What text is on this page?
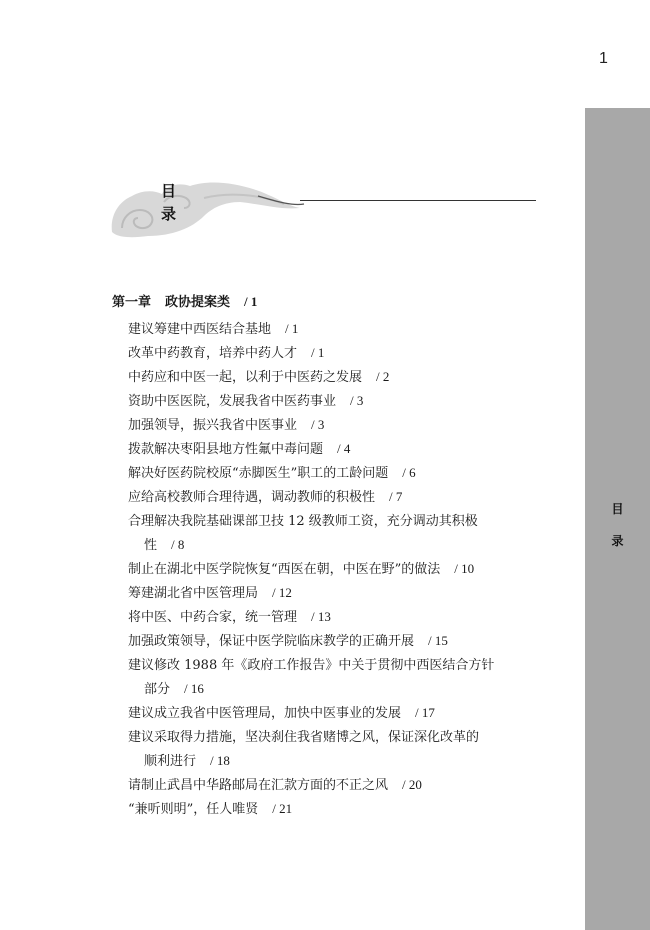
1
目
录
目
录
第一章 政协提案类 / 1
建议筹建中西医结合基地 / 1
改革中药教育，培养中药人才 / 1
中药应和中医一起，以利于中医药之发展 / 2
资助中医医院，发展我省中医药事业 / 3
加强领导，振兴我省中医事业 / 3
拨款解决枣阳县地方性氟中毒问题 / 4
解决好医药院校原“赤脚医生”职工的工龄问题 / 6
应给高校教师合理待遇，调动教师的积极性 / 7
合理解决我院基础课部卫技 12 级教师工资，充分调动其积极
性 / 8
制止在湖北中医学院恢复“西医在朝，中医在野”的做法 / 10
筹建湖北省中医管理局 / 12
将中医、中药合家，统一管理 / 13
加强政策领导，保证中医学院临床教学的正确开展 / 15
建议修改 1988 年《政府工作报告》中关于贯彻中西医结合方针
部分 / 16
建议成立我省中医管理局，加快中医事业的发展 / 17
建议采取得力措施，坚决刹住我省赌博之风，保证深化改革的
顺利进行 / 18
请制止武昌中华路邮局在汇款方面的不正之风 / 20
“兼听则明”，任人唯贤 / 21
